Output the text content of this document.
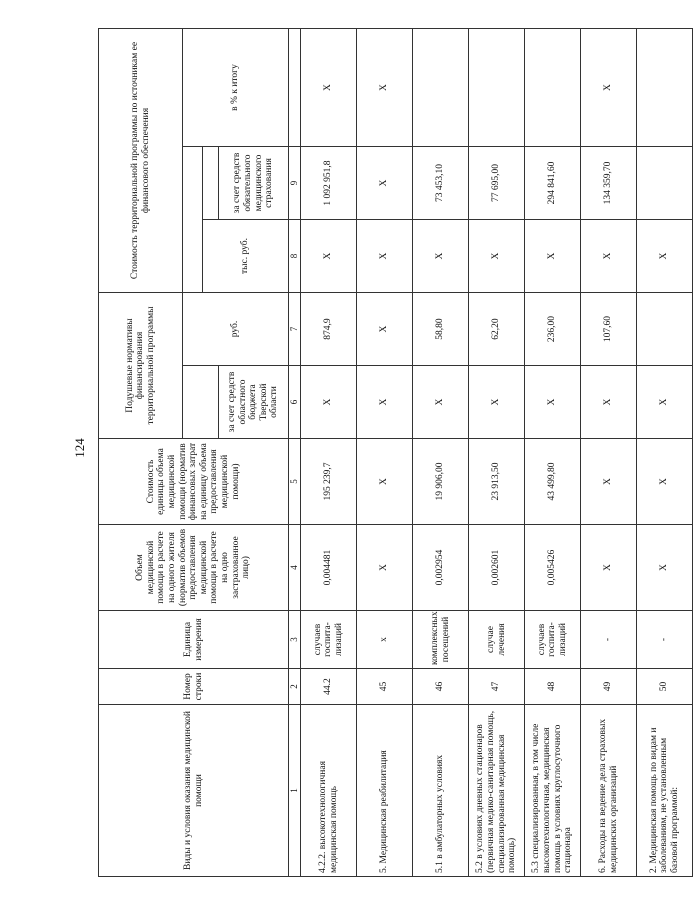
124
Виды и условия оказания медицинской помощи	Номер строки	Единица измерения	Объем медицинской помощи в расчете на одного жителя (норматив объемов предоставления медицинской помощи в расчете на одно застрахованное лицо)	Стоимость единицы объема медицинской помощи (норматив финансовых затрат на единицу объема предоставления медицинской помощи)	Подушевые нормативы финансирования территориальной программы		Стоимость территориальной программы по источникам ее финансового обеспечения		
						руб.			в % к итогу
							тыс. руб.		
					за счет средств областного бюджета Тверской области			за счет средств обязательного медицинского страхования	
1	2	3	4	5	6	7	8	9	
4.2.2. высокотехнологичная медицинская помощь	44.2	случаев госпита-лизаций	0,004481	195 239,7	Х	874,9	Х	1 092 951,8	Х
5. Медицинская реабилитация	45	х	Х	Х	Х	Х	Х	Х	Х
5.1 в амбулаторных условиях	46	комплексных посещений	0,002954	19 906,00	Х	58,80	Х	73 453,10	
5.2 в условиях дневных стационаров (первичная медико-санитарная помощь, специализированная медицинская помощь)	47	случае лечения	0,002601	23 913,50	Х	62,20	Х	77 695,00	
5.3 специализированная, в том числе высокотехнологичная, медицинская помощь в условиях круглосуточного стационара	48	случаев госпита-лизаций	0,005426	43 499,80	Х	236,00	Х	294 841,60	
6. Расходы на ведение дела страховых медицинских организаций	49	-	Х	Х	Х	107,60	Х	134 359,70	Х
2. Медицинская помощь по видам и заболеваниям, не установленным базовой программой:	50	-	Х	Х	Х		Х		
